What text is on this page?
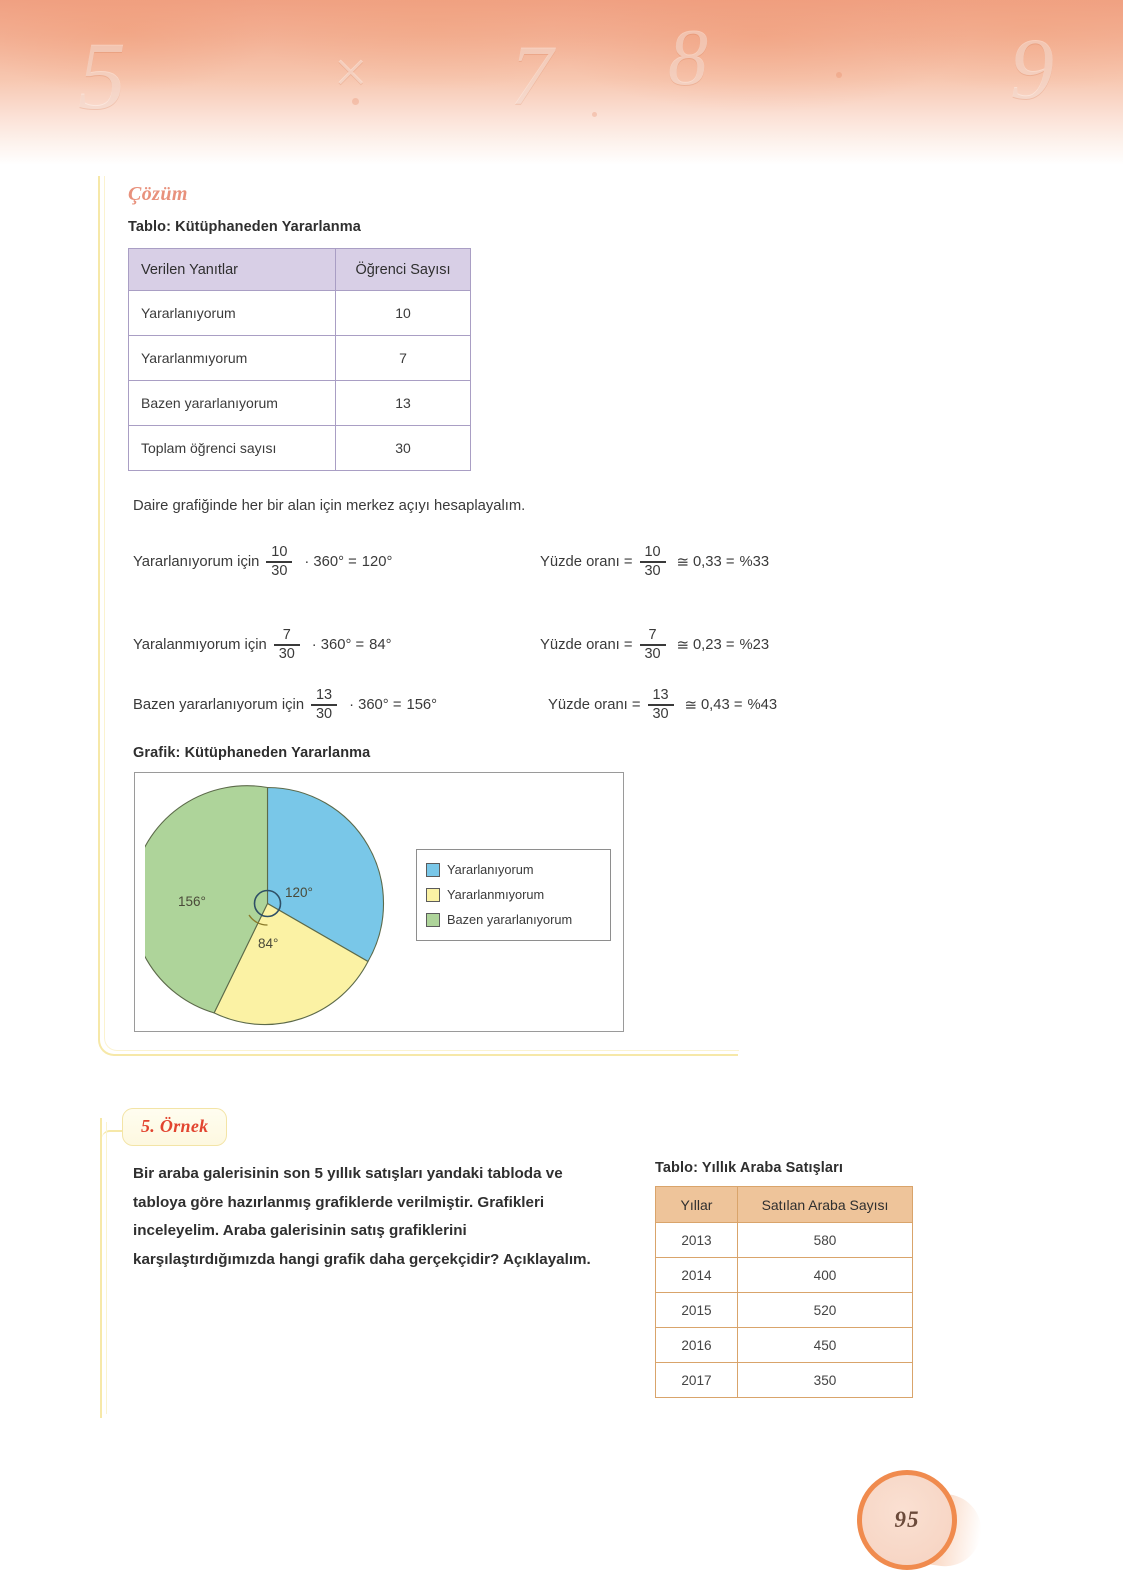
5	× 7 8	9
Çözüm
Tablo: Kütüphaneden Yararlanma
Verilen Yanıtlar	Öğrenci Sayısı
Yararlanıyorum	10
Yararlanmıyorum	7
Bazen yararlanıyorum	13
Toplam öğrenci sayısı	30
Daire grafiğinde her bir alan için merkez açıyı hesaplayalım.
Yararlanıyorum için $\frac{10}{30} \cdot 360^\circ = 120^\circ$	Yüzde oranı = $\frac{10}{30}$ ≅ 0,33 = %33
Yaralanmıyorum için $\frac{7}{30} \cdot 360^\circ = 84^\circ$	Yüzde oranı = $\frac{7}{30}$ ≅ 0,23 = %23
Bazen yararlanıyorum için $\frac{13}{30} \cdot 360^\circ = 156^\circ$	Yüzde oranı = $\frac{13}{30}$ ≅ 0,43 = %43
Grafik: Kütüphaneden Yararlanma
156°
120°
84°
Yararlanıyorum
Yararlanmıyorum
Bazen yararlanıyorum
5. Örnek
Bir araba galerisinin son 5 yıllık satışları yandaki tabloda ve tabloya göre hazırlanmış grafiklerde verilmiştir. Grafikleri inceleyelim. Araba galerisinin satış grafiklerini karşılaştırdığımızda hangi grafik daha gerçekçidir? Açıklayalım.
Tablo: Yıllık Araba Satışları
Yıllar	Satılan Araba Sayısı
2013	580
2014	400
2015	520
2016	450
2017	350
95
